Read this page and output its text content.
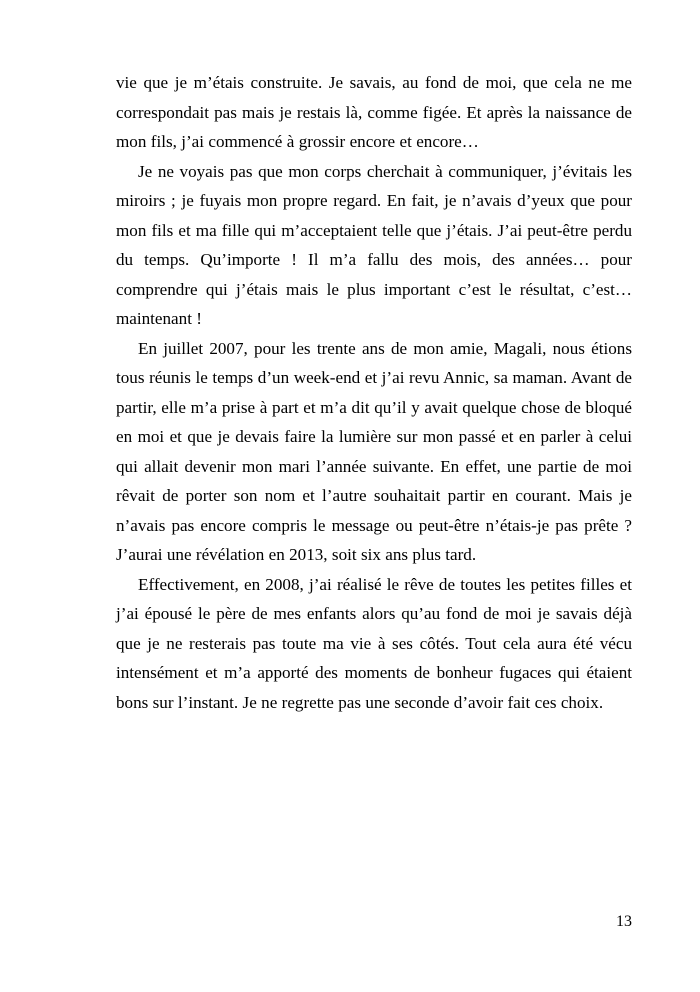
vie que je m’étais construite. Je savais, au fond de moi, que cela ne me correspondait pas mais je restais là, comme figée. Et après la naissance de mon fils, j’ai commencé à grossir encore et encore…

Je ne voyais pas que mon corps cherchait à communiquer, j’évitais les miroirs ; je fuyais mon propre regard. En fait, je n’avais d’yeux que pour mon fils et ma fille qui m’acceptaient telle que j’étais. J’ai peut-être perdu du temps. Qu’importe ! Il m’a fallu des mois, des années… pour comprendre qui j’étais mais le plus important c’est le résultat, c’est… maintenant !

En juillet 2007, pour les trente ans de mon amie, Magali, nous étions tous réunis le temps d’un week-end et j’ai revu Annic, sa maman. Avant de partir, elle m’a prise à part et m’a dit qu’il y avait quelque chose de bloqué en moi et que je devais faire la lumière sur mon passé et en parler à celui qui allait devenir mon mari l’année suivante. En effet, une partie de moi rêvait de porter son nom et l’autre souhaitait partir en courant. Mais je n’avais pas encore compris le message ou peut-être n’étais-je pas prête ? J’aurai une révélation en 2013, soit six ans plus tard.

Effectivement, en 2008, j’ai réalisé le rêve de toutes les petites filles et j’ai épousé le père de mes enfants alors qu’au fond de moi je savais déjà que je ne resterais pas toute ma vie à ses côtés. Tout cela aura été vécu intensément et m’a apporté des moments de bonheur fugaces qui étaient bons sur l’instant. Je ne regrette pas une seconde d’avoir fait ces choix.

13
